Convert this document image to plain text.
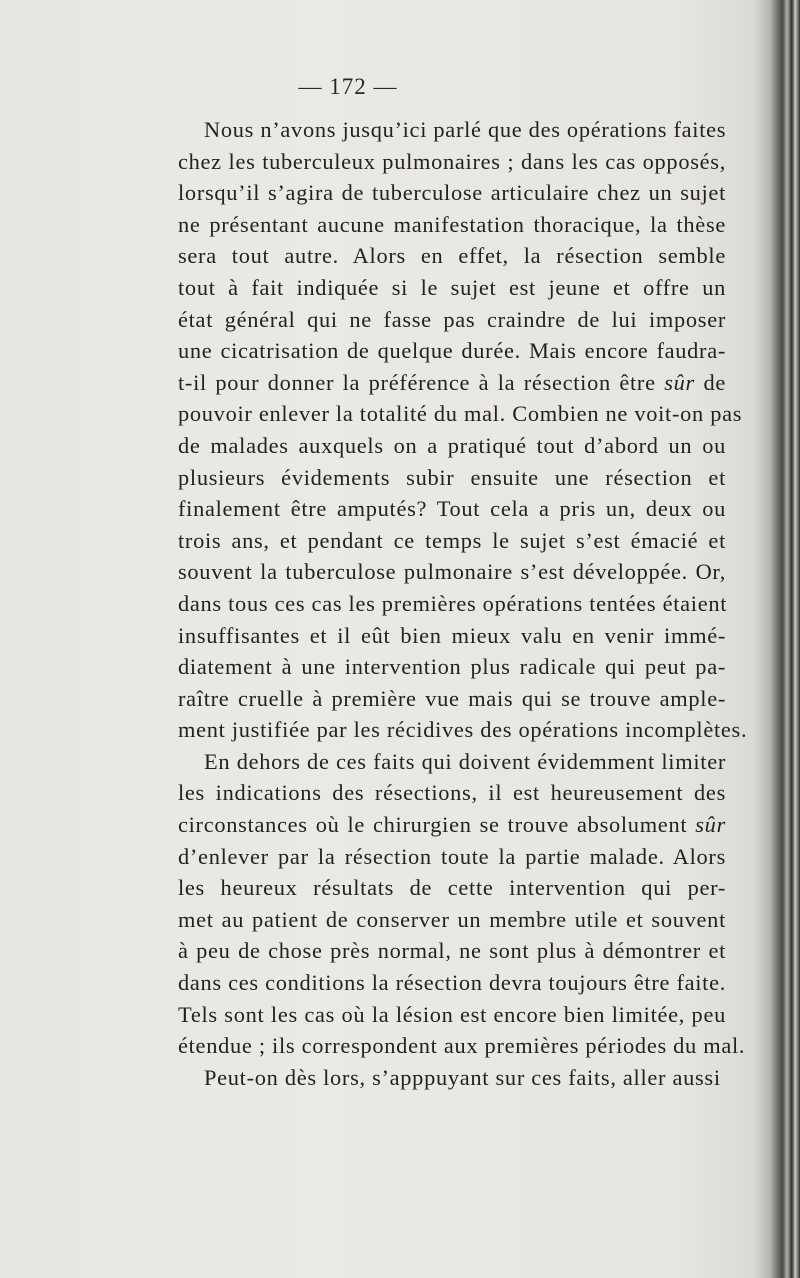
— 172 —
Nous n’avons jusqu’ici parlé que des opérations faites
chez les tuberculeux pulmonaires ; dans les cas opposés,
lorsqu’il s’agira de tuberculose articulaire chez un sujet
ne présentant aucune manifestation thoracique, la thèse
sera tout autre. Alors en effet, la résection semble
tout à fait indiquée si le sujet est jeune et offre un
état général qui ne fasse pas craindre de lui imposer
une cicatrisation de quelque durée. Mais encore faudra-
t-il pour donner la préférence à la résection être sûr de
pouvoir enlever la totalité du mal. Combien ne voit-on pas
de malades auxquels on a pratiqué tout d’abord un ou
plusieurs évidements subir ensuite une résection et
finalement être amputés? Tout cela a pris un, deux ou
trois ans, et pendant ce temps le sujet s’est émacié et
souvent la tuberculose pulmonaire s’est développée. Or,
dans tous ces cas les premières opérations tentées étaient
insuffisantes et il eût bien mieux valu en venir immé-
diatement à une intervention plus radicale qui peut pa-
raître cruelle à première vue mais qui se trouve ample-
ment justifiée par les récidives des opérations incomplètes.
En dehors de ces faits qui doivent évidemment limiter
les indications des résections, il est heureusement des
circonstances où le chirurgien se trouve absolument sûr
d’enlever par la résection toute la partie malade. Alors
les heureux résultats de cette intervention qui per-
met au patient de conserver un membre utile et souvent
à peu de chose près normal, ne sont plus à démontrer et
dans ces conditions la résection devra toujours être faite.
Tels sont les cas où la lésion est encore bien limitée, peu
étendue ; ils correspondent aux premières périodes du mal.
Peut-on dès lors, s’apppuyant sur ces faits, aller aussi
